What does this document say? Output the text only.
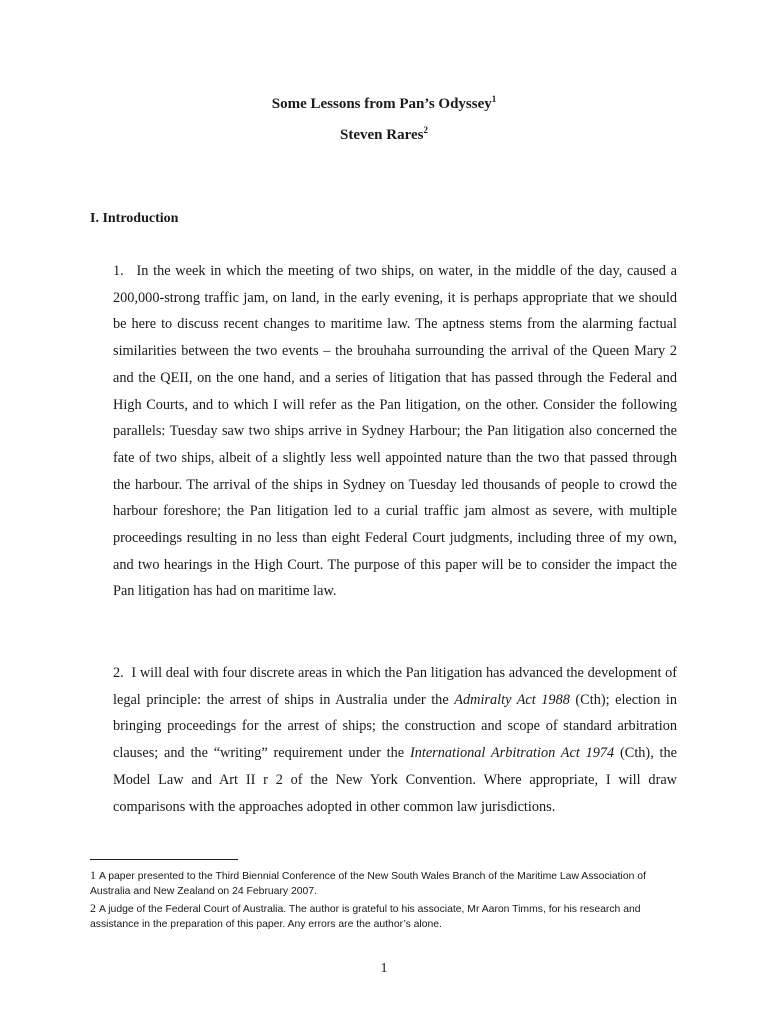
Some Lessons from Pan’s Odyssey$^1$
Steven Rares$^2$
I. Introduction

1. In the week in which the meeting of two ships, on water, in the middle of the day, caused a 200,000-strong traffic jam, on land, in the early evening, it is perhaps appropriate that we should be here to discuss recent changes to maritime law. The aptness stems from the alarming factual similarities between the two events – the brouhaha surrounding the arrival of the Queen Mary 2 and the QEII, on the one hand, and a series of litigation that has passed through the Federal and High Courts, and to which I will refer as the Pan litigation, on the other. Consider the following parallels: Tuesday saw two ships arrive in Sydney Harbour; the Pan litigation also concerned the fate of two ships, albeit of a slightly less well appointed nature than the two that passed through the harbour. The arrival of the ships in Sydney on Tuesday led thousands of people to crowd the harbour foreshore; the Pan litigation led to a curial traffic jam almost as severe, with multiple proceedings resulting in no less than eight Federal Court judgments, including three of my own, and two hearings in the High Court. The purpose of this paper will be to consider the impact the Pan litigation has had on maritime law.

2. I will deal with four discrete areas in which the Pan litigation has advanced the development of legal principle: the arrest of ships in Australia under the Admiralty Act 1988 (Cth); election in bringing proceedings for the arrest of ships; the construction and scope of standard arbitration clauses; and the “writing” requirement under the International Arbitration Act 1974 (Cth), the Model Law and Art II r 2 of the New York Convention. Where appropriate, I will draw comparisons with the approaches adopted in other common law jurisdictions.

1 A paper presented to the Third Biennial Conference of the New South Wales Branch of the Maritime Law Association of Australia and New Zealand on 24 February 2007.

2 A judge of the Federal Court of Australia. The author is grateful to his associate, Mr Aaron Timms, for his research and assistance in the preparation of this paper. Any errors are the author’s alone.

1
